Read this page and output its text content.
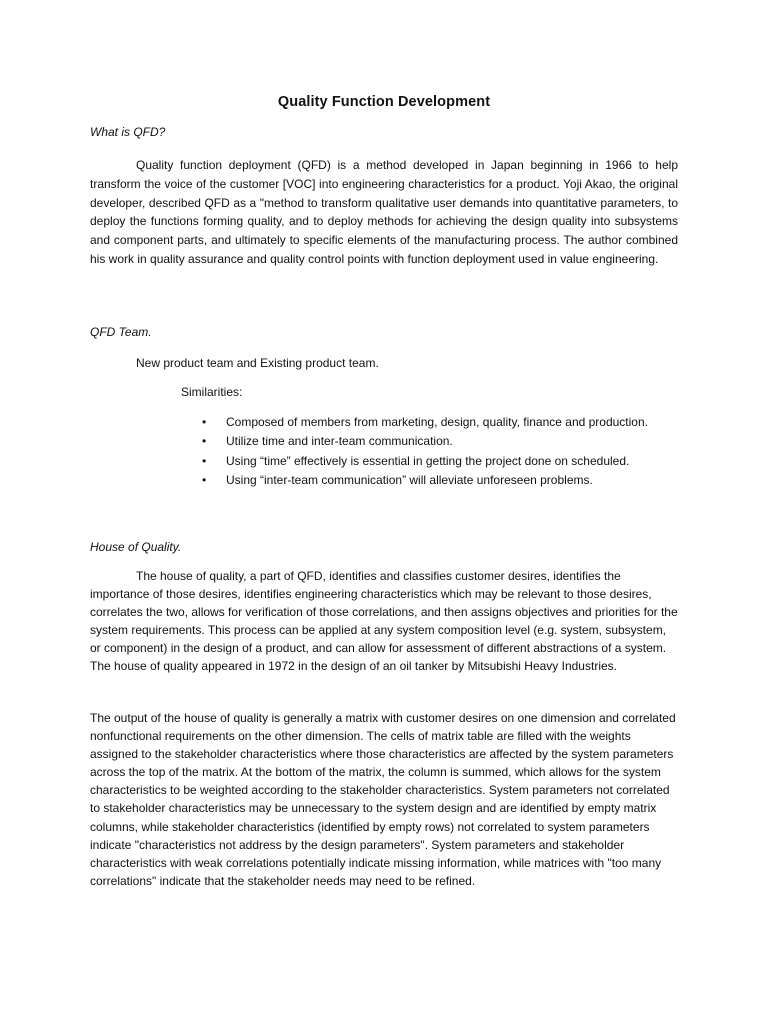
Quality Function Development
What is QFD?

Quality function deployment (QFD) is a method developed in Japan beginning in 1966 to help transform the voice of the customer [VOC] into engineering characteristics for a product. Yoji Akao, the original developer, described QFD as a "method to transform qualitative user demands into quantitative parameters, to deploy the functions forming quality, and to deploy methods for achieving the design quality into subsystems and component parts, and ultimately to specific elements of the manufacturing process. The author combined his work in quality assurance and quality control points with function deployment used in value engineering.

QFD Team.
New product team and Existing product team.
Similarities:
• Composed of members from marketing, design, quality, finance and production.
• Utilize time and inter-team communication.
• Using “time” effectively is essential in getting the project done on scheduled.
• Using “inter-team communication” will alleviate unforeseen problems.
House of Quality.

The house of quality, a part of QFD, identifies and classifies customer desires, identifies the importance of those desires, identifies engineering characteristics which may be relevant to those desires, correlates the two, allows for verification of those correlations, and then assigns objectives and priorities for the system requirements. This process can be applied at any system composition level (e.g. system, subsystem, or component) in the design of a product, and can allow for assessment of different abstractions of a system. The house of quality appeared in 1972 in the design of an oil tanker by Mitsubishi Heavy Industries.

The output of the house of quality is generally a matrix with customer desires on one dimension and correlated nonfunctional requirements on the other dimension. The cells of matrix table are filled with the weights assigned to the stakeholder characteristics where those characteristics are affected by the system parameters across the top of the matrix. At the bottom of the matrix, the column is summed, which allows for the system characteristics to be weighted according to the stakeholder characteristics. System parameters not correlated to stakeholder characteristics may be unnecessary to the system design and are identified by empty matrix columns, while stakeholder characteristics (identified by empty rows) not correlated to system parameters indicate "characteristics not address by the design parameters". System parameters and stakeholder characteristics with weak correlations potentially indicate missing information, while matrices with "too many correlations" indicate that the stakeholder needs may need to be refined.
